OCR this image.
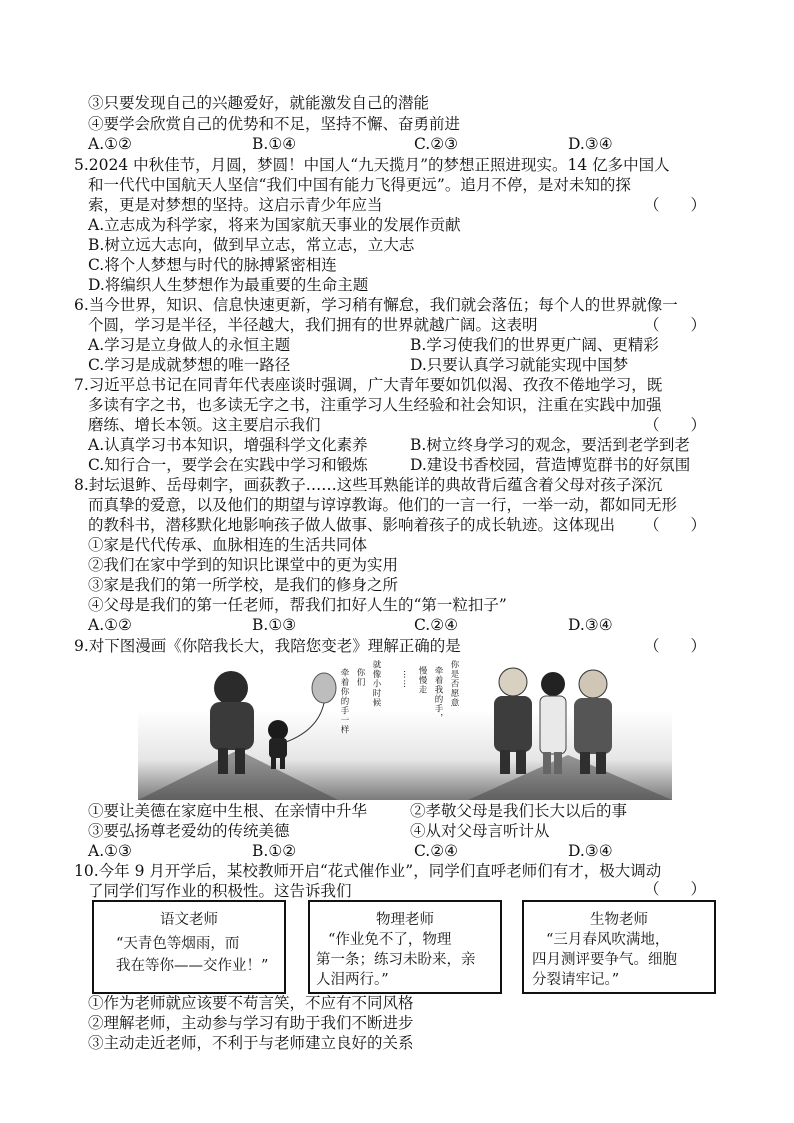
③只要发现自己的兴趣爱好，就能激发自己的潜能
④要学会欣赏自己的优势和不足，坚持不懈、奋勇前进
A.①②	B.①④	C.②③	D.③④
5.2024 中秋佳节，月圆，梦圆！中国人“九天揽月”的梦想正照进现实。14 亿多中国人
和一代代中国航天人坚信“我们中国有能力飞得更远”。追月不停，是对未知的探
索，更是对梦想的坚持。这启示青少年应当	（　　）
A.立志成为科学家，将来为国家航天事业的发展作贡献
B.树立远大志向，做到早立志，常立志，立大志
C.将个人梦想与时代的脉搏紧密相连
D.将编织人生梦想作为最重要的生命主题
6.当今世界，知识、信息快速更新，学习稍有懈怠，我们就会落伍；每个人的世界就像一
个圆，学习是半径，半径越大，我们拥有的世界就越广阔。这表明	（　　）
A.学习是立身做人的永恒主题	B.学习使我们的世界更广阔、更精彩
C.学习是成就梦想的唯一路径	D.只要认真学习就能实现中国梦
7.习近平总书记在同青年代表座谈时强调，广大青年要如饥似渴、孜孜不倦地学习，既
多读有字之书，也多读无字之书，注重学习人生经验和社会知识，注重在实践中加强
磨练、增长本领。这主要启示我们	（　　）
A.认真学习书本知识，增强科学文化素养	B.树立终身学习的观念，要活到老学到老
C.知行合一，要学会在实践中学习和锻炼	D.建设书香校园，营造博览群书的好氛围
8.封坛退鲊、岳母刺字，画荻教子……这些耳熟能详的典故背后蕴含着父母对孩子深沉
而真挚的爱意，以及他们的期望与谆谆教诲。他们的一言一行，一举一动，都如同无形
的教科书，潜移默化地影响孩子做人做事、影响着孩子的成长轨迹。这体现出 （　　）
①家是代代传承、血脉相连的生活共同体
②我们在家中学到的知识比课堂中的更为实用
③家是我们的第一所学校，是我们的修身之所
④父母是我们的第一任老师，帮我们扣好人生的“第一粒扣子”
A.①②	B.①③	C.②④	D.③④
9.对下图漫画《你陪我长大，我陪您变老》理解正确的是	（　　）
就像小时候
你们
牵着你的手一样	你是否愿意
牵着我的手，
慢慢走
……
①要让美德在家庭中生根、在亲情中升华	②孝敬父母是我们长大以后的事
③要弘扬尊老爱幼的传统美德	④从对父母言听计从
A.①③	B.①②	C.②④	D.③④
10.今年 9 月开学后，某校教师开启“花式催作业”，同学们直呼老师们有才，极大调动
了同学们写作业的积极性。这告诉我们	（　　）
语文老师
“天青色等烟雨，而
我在等你——交作业！”
物理老师
“作业免不了，物理
第一条；练习未盼来，亲
人泪两行。”
生物老师
“三月春风吹满地，
四月测评要争气。细胞
分裂请牢记。”
①作为老师就应该要不苟言笑，不应有不同风格
②理解老师，主动参与学习有助于我们不断进步
③主动走近老师，不利于与老师建立良好的关系
